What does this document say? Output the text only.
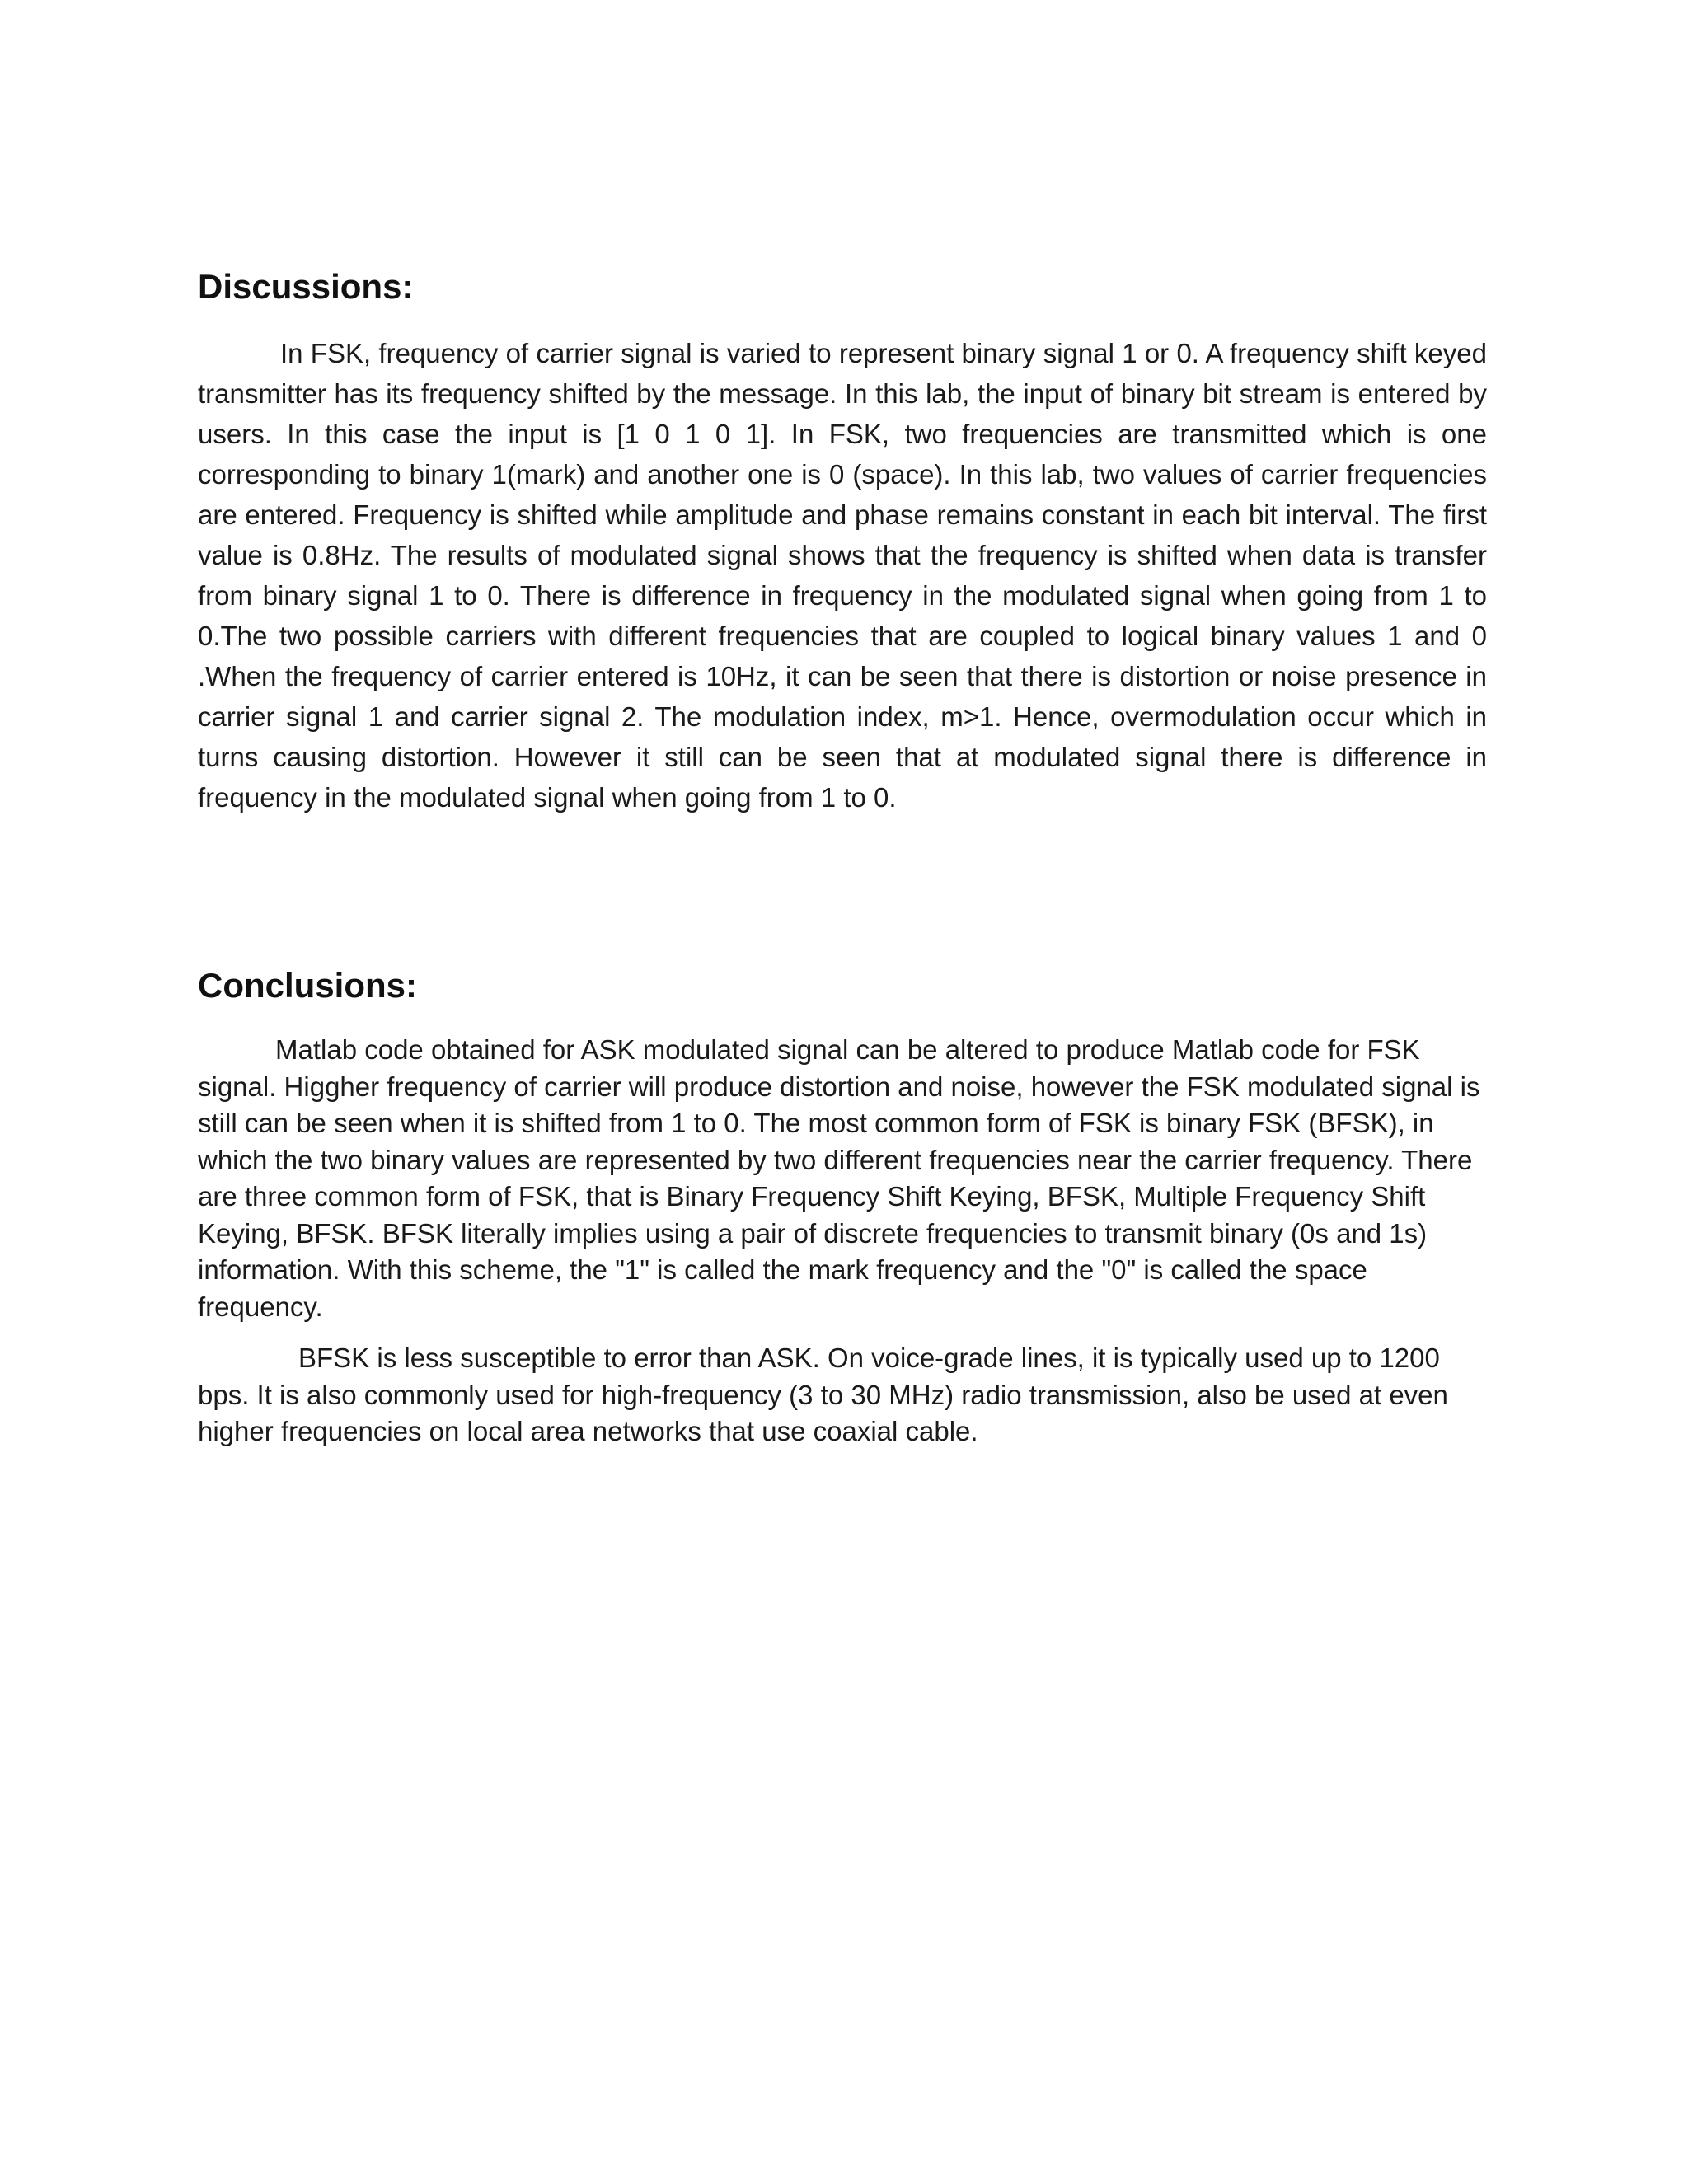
Discussions:

In FSK, frequency of carrier signal is varied to represent binary signal 1 or 0. A frequency shift keyed transmitter has its frequency shifted by the message. In this lab, the input of binary bit stream is entered by users. In this case the input is [1 0 1 0 1]. In FSK, two frequencies are transmitted which is one corresponding to binary 1(mark) and another one is 0 (space). In this lab, two values of carrier frequencies are entered. Frequency is shifted while amplitude and phase remains constant in each bit interval. The first value is 0.8Hz. The results of modulated signal shows that the frequency is shifted when data is transfer from binary signal 1 to 0. There is difference in frequency in the modulated signal when going from 1 to 0.The two possible carriers with different frequencies that are coupled to logical binary values 1 and 0 .When the frequency of carrier entered is 10Hz, it can be seen that there is distortion or noise presence in carrier signal 1 and carrier signal 2. The modulation index, m>1. Hence, overmodulation occur which in turns causing distortion. However it still can be seen that at modulated signal there is difference in frequency in the modulated signal when going from 1 to 0.

Conclusions:

Matlab code obtained for ASK modulated signal can be altered to produce Matlab code for FSK signal. Higgher frequency of carrier will produce distortion and noise, however the FSK modulated signal is still can be seen when it is shifted from 1 to 0. The most common form of FSK is binary FSK (BFSK), in which the two binary values are represented by two different frequencies near the carrier frequency. There are three common form of FSK, that is Binary Frequency Shift Keying, BFSK, Multiple Frequency Shift Keying, BFSK. BFSK literally implies using a pair of discrete frequencies to transmit binary (0s and 1s) information. With this scheme, the "1" is called the mark frequency and the "0" is called the space frequency.

BFSK is less susceptible to error than ASK. On voice-grade lines, it is typically used up to 1200 bps. It is also commonly used for high-frequency (3 to 30 MHz) radio transmission, also be used at even higher frequencies on local area networks that use coaxial cable.
